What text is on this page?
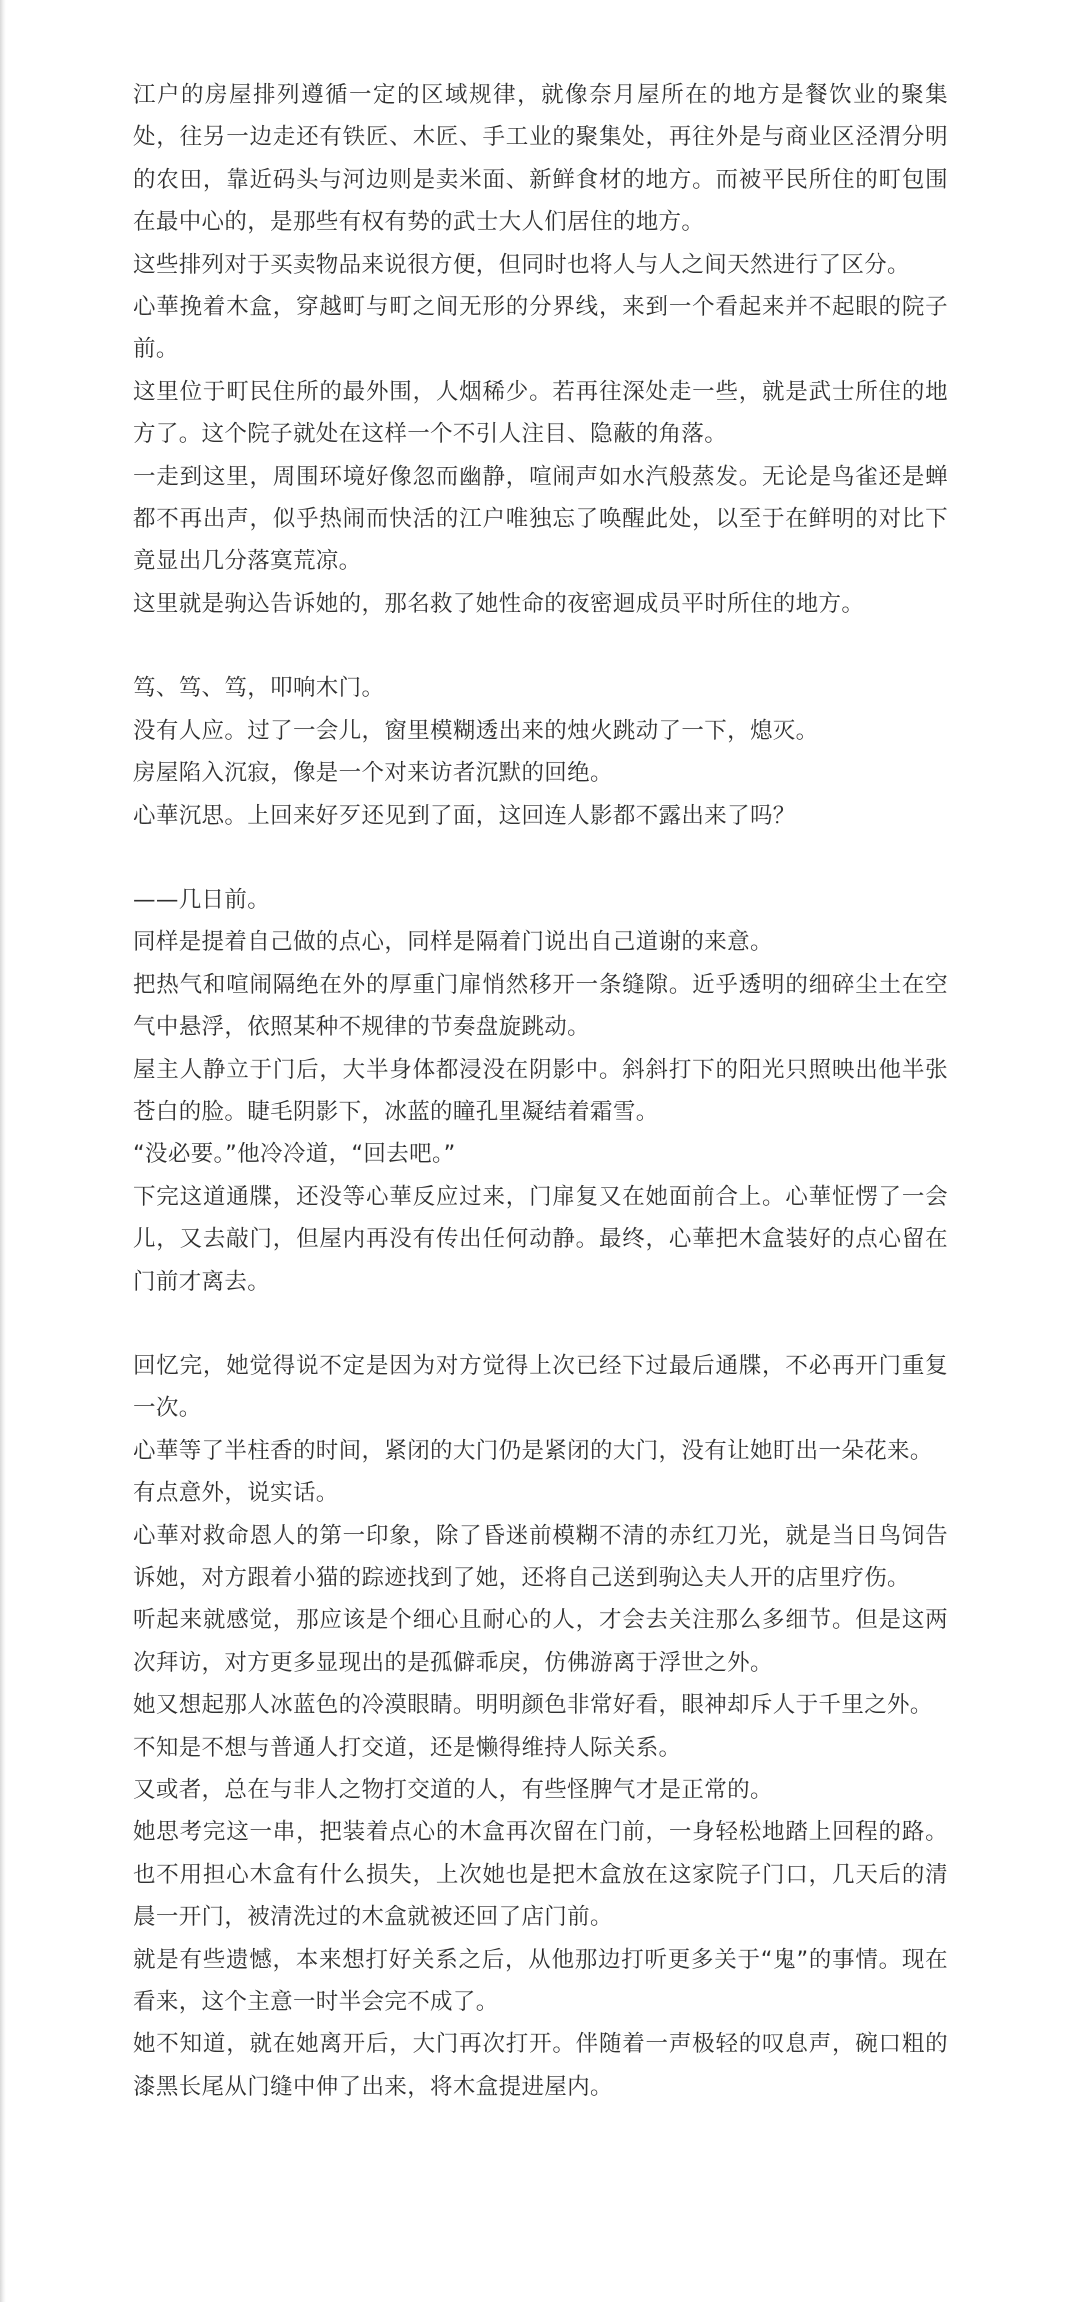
江户的房屋排列遵循一定的区域规律，就像奈月屋所在的地方是餐饮业的聚集处，往另一边走还有铁匠、木匠、手工业的聚集处，再往外是与商业区泾渭分明的农田，靠近码头与河边则是卖米面、新鲜食材的地方。而被平民所住的町包围在最中心的，是那些有权有势的武士大人们居住的地方。

这些排列对于买卖物品来说很方便，但同时也将人与人之间天然进行了区分。

心華挽着木盒，穿越町与町之间无形的分界线，来到一个看起来并不起眼的院子前。

这里位于町民住所的最外围，人烟稀少。若再往深处走一些，就是武士所住的地方了。这个院子就处在这样一个不引人注目、隐蔽的角落。

一走到这里，周围环境好像忽而幽静，喧闹声如水汽般蒸发。无论是鸟雀还是蝉都不再出声，似乎热闹而快活的江户唯独忘了唤醒此处，以至于在鲜明的对比下竟显出几分落寞荒凉。

这里就是驹込告诉她的，那名救了她性命的夜密迴成员平时所住的地方。

笃、笃、笃，叩响木门。

没有人应。过了一会儿，窗里模糊透出来的烛火跳动了一下，熄灭。

房屋陷入沉寂，像是一个对来访者沉默的回绝。

心華沉思。上回来好歹还见到了面，这回连人影都不露出来了吗？

——几日前。

同样是提着自己做的点心，同样是隔着门说出自己道谢的来意。

把热气和喧闹隔绝在外的厚重门扉悄然移开一条缝隙。近乎透明的细碎尘土在空气中悬浮，依照某种不规律的节奏盘旋跳动。

屋主人静立于门后，大半身体都浸没在阴影中。斜斜打下的阳光只照映出他半张苍白的脸。睫毛阴影下，冰蓝的瞳孔里凝结着霜雪。

“没必要。”他冷冷道，“回去吧。”

下完这道通牒，还没等心華反应过来，门扉复又在她面前合上。心華怔愣了一会儿，又去敲门，但屋内再没有传出任何动静。最终，心華把木盒装好的点心留在门前才离去。

回忆完，她觉得说不定是因为对方觉得上次已经下过最后通牒，不必再开门重复一次。

心華等了半柱香的时间，紧闭的大门仍是紧闭的大门，没有让她盯出一朵花来。

有点意外，说实话。

心華对救命恩人的第一印象，除了昏迷前模糊不清的赤红刀光，就是当日鸟饲告诉她，对方跟着小猫的踪迹找到了她，还将自己送到驹込夫人开的店里疗伤。

听起来就感觉，那应该是个细心且耐心的人，才会去关注那么多细节。但是这两次拜访，对方更多显现出的是孤僻乖戾，仿佛游离于浮世之外。

她又想起那人冰蓝色的冷漠眼睛。明明颜色非常好看，眼神却斥人于千里之外。

不知是不想与普通人打交道，还是懒得维持人际关系。

又或者，总在与非人之物打交道的人，有些怪脾气才是正常的。

她思考完这一串，把装着点心的木盒再次留在门前，一身轻松地踏上回程的路。也不用担心木盒有什么损失，上次她也是把木盒放在这家院子门口，几天后的清晨一开门，被清洗过的木盒就被还回了店门前。

就是有些遗憾，本来想打好关系之后，从他那边打听更多关于“鬼”的事情。现在看来，这个主意一时半会完不成了。

她不知道，就在她离开后，大门再次打开。伴随着一声极轻的叹息声，碗口粗的漆黑长尾从门缝中伸了出来，将木盒提进屋内。
